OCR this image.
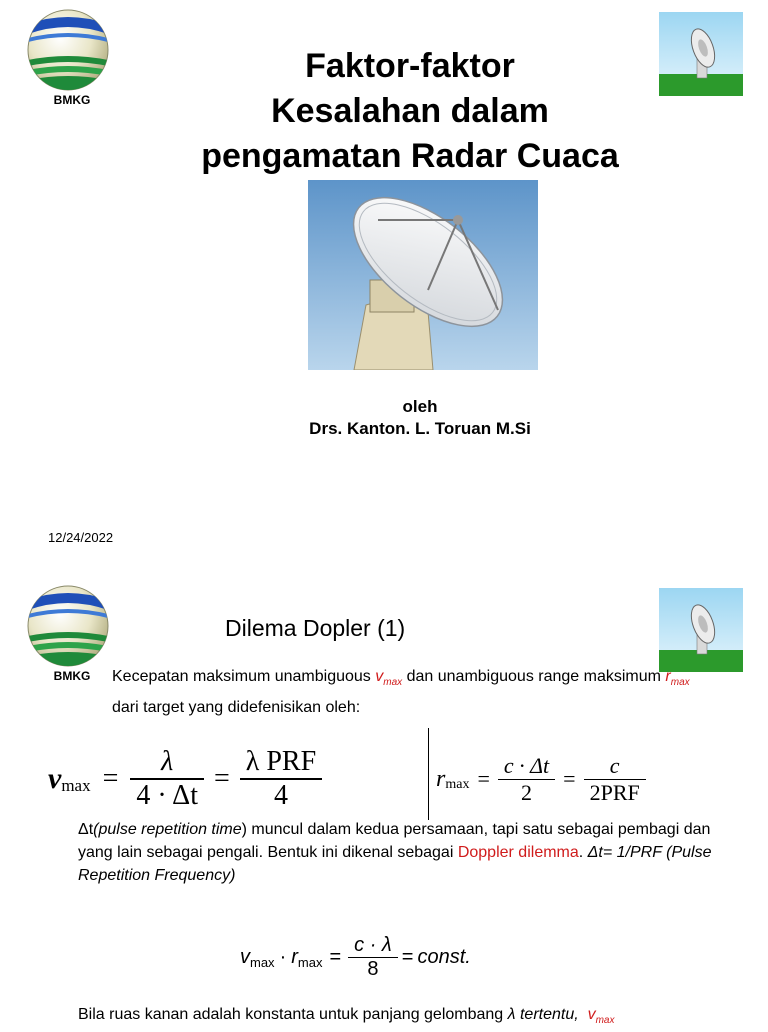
BMKG
Faktor-faktor
Kesalahan dalam
pengamatan Radar Cuaca
oleh
Drs. Kanton. L. Toruan M.Si
12/24/2022
BMKG
Dilema Dopler (1)
Kecepatan maksimum unambiguous $v_{max}$ dan unambiguous range maksimum $r_{max}$ dari target yang didefenisikan oleh:
v $\max = \frac{\lambda}{4 \cdot \Delta t} = \frac{\text{λ PRF}}{4}$	r $\max = \frac{c \cdot \Delta t}{2} = \frac{c}{\text{2PRF}}$
Δt(pulse repetition time) muncul dalam kedua persamaan, tapi satu sebagai pembagi dan yang lain sebagai pengali. Bentuk ini dikenal sebagai Doppler dilemma. Δt= 1/PRF (Pulse Repetition Frequency)
v max · r $\max = \frac{c \cdot \lambda}{8}$ = const.
Bila ruas kanan adalah konstanta untuk panjang gelombang λ tertentu, $v_{max}$
